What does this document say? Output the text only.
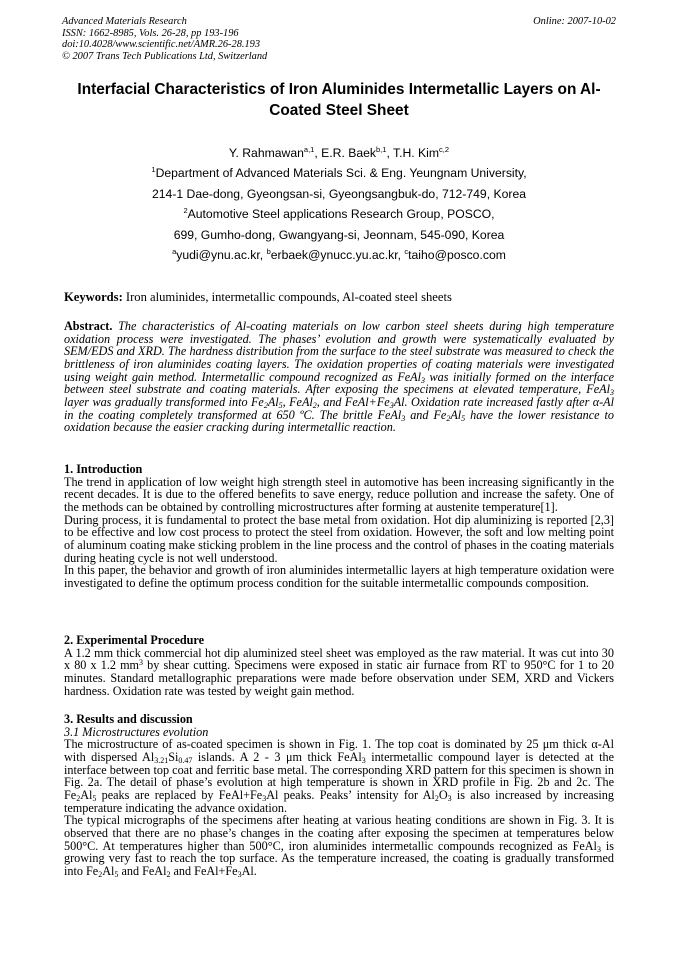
Advanced Materials Research
ISSN: 1662-8985, Vols. 26-28, pp 193-196
doi:10.4028/www.scientific.net/AMR.26-28.193
© 2007 Trans Tech Publications Ltd, Switzerland
Online: 2007-10-02
Interfacial Characteristics of Iron Aluminides Intermetallic Layers on Al-Coated Steel Sheet
Y. Rahmawan$^{a,1}$, E.R. Baek$^{b,1}$, T.H. Kim$^{c,2}$
$^1$Department of Advanced Materials Sci. & Eng. Yeungnam University,
214-1 Dae-dong, Gyeongsan-si, Gyeongsangbuk-do, 712-749, Korea
$^2$Automotive Steel applications Research Group, POSCO,
699, Gumho-dong, Gwangyang-si, Jeonnam, 545-090, Korea
$^a$yudi@ynu.ac.kr, $^b$erbaek@ynucc.yu.ac.kr, $^c$taiho@posco.com
Keywords: Iron aluminides, intermetallic compounds, Al-coated steel sheets
Abstract. The characteristics of Al-coating materials on low carbon steel sheets during high temperature oxidation process were investigated. The phases’ evolution and growth were systematically evaluated by SEM/EDS and XRD. The hardness distribution from the surface to the steel substrate was measured to check the brittleness of iron aluminides coating layers. The oxidation properties of coating materials were investigated using weight gain method. Intermetallic compound recognized as FeAl$_3$ was initially formed on the interface between steel substrate and coating materials. After exposing the specimens at elevated temperature, FeAl$_3$ layer was gradually transformed into $Fe_2Al_5$, FeAl$_2$, and $FeAl+Fe_3Al$. Oxidation rate increased fastly after α-Al in the coating completely transformed at 650 ºC. The brittle FeAl$_3$ and $Fe_2Al_5$ have the lower resistance to oxidation because the easier cracking during intermetallic reaction.
1. Introduction
The trend in application of low weight high strength steel in automotive has been increasing significantly in the recent decades. It is due to the offered benefits to save energy, reduce pollution and increase the safety. One of the methods can be obtained by controlling microstructures after forming at austenite temperature[1].
During process, it is fundamental to protect the base metal from oxidation. Hot dip aluminizing is reported [2,3] to be effective and low cost process to protect the steel from oxidation. However, the soft and low melting point of aluminum coating make sticking problem in the line process and the control of phases in the coating materials during heating cycle is not well understood.
In this paper, the behavior and growth of iron aluminides intermetallic layers at high temperature oxidation were investigated to define the optimum process condition for the suitable intermetallic compounds composition.
2. Experimental Procedure
A 1.2 mm thick commercial hot dip aluminized steel sheet was employed as the raw material. It was cut into 30 x 80 x 1.2 $mm^3$ by shear cutting. Specimens were exposed in static air furnace from RT to 950°C for 1 to 20 minutes. Standard metallographic preparations were made before observation under SEM, XRD and Vickers hardness. Oxidation rate was tested by weight gain method.
3. Results and discussion
3.1 Microstructures evolution
The microstructure of as-coated specimen is shown in Fig. 1. The top coat is dominated by 25 μm thick α-Al with dispersed $Al_{3.21}Si_{0.47}$ islands. A 2 - 3 μm thick FeAl$_3$ intermetallic compound layer is detected at the interface between top coat and ferritic base metal. The corresponding XRD pattern for this specimen is shown in Fig. 2a. The detail of phase’s evolution at high temperature is shown in XRD profile in Fig. 2b and 2c. The $Fe_2Al_5$ peaks are replaced by $FeAl+Fe_3Al$ peaks. Peaks’ intensity for $Al_2O_3$ is also increased by increasing temperature indicating the advance oxidation.
The typical micrographs of the specimens after heating at various heating conditions are shown in Fig. 3. It is observed that there are no phase’s changes in the coating after exposing the specimen at temperatures below 500°C. At temperatures higher than 500°C, iron aluminides intermetallic compounds recognized as FeAl$_3$ is growing very fast to reach the top surface. As the temperature increased, the coating is gradually transformed into $Fe_2Al_5$ and FeAl$_2$ and $FeAl+Fe_3Al$.
